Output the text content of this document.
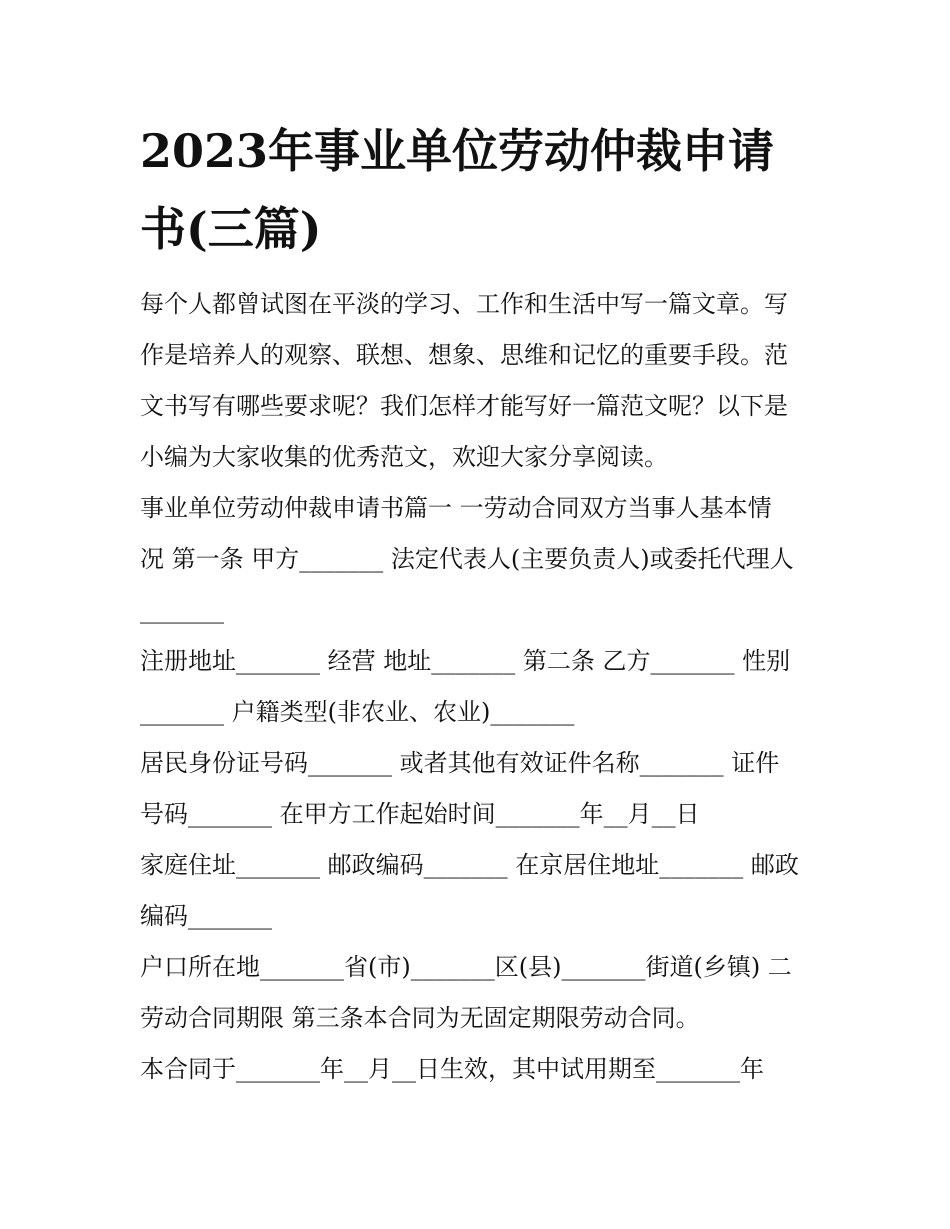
2023年事业单位劳动仲裁申请
书(三篇)
每个人都曾试图在平淡的学习、工作和生活中写一篇文章。写
作是培养人的观察、联想、想象、思维和记忆的重要手段。范
文书写有哪些要求呢？我们怎样才能写好一篇范文呢？以下是
小编为大家收集的优秀范文，欢迎大家分享阅读。
事业单位劳动仲裁申请书篇一 一劳动合同双方当事人基本情
况 第一条 甲方_______ 法定代表人(主要负责人)或委托代理人
_______
注册地址_______ 经营 地址_______ 第二条 乙方_______ 性别
_______ 户籍类型(非农业、农业)_______
居民身份证号码_______ 或者其他有效证件名称_______ 证件
号码_______ 在甲方工作起始时间_______年__月__日
家庭住址_______ 邮政编码_______ 在京居住地址_______ 邮政
编码_______
户口所在地_______省(市)_______区(县)_______街道(乡镇) 二
劳动合同期限 第三条本合同为无固定期限劳动合同。
本合同于_______年__月__日生效，其中试用期至_______年
